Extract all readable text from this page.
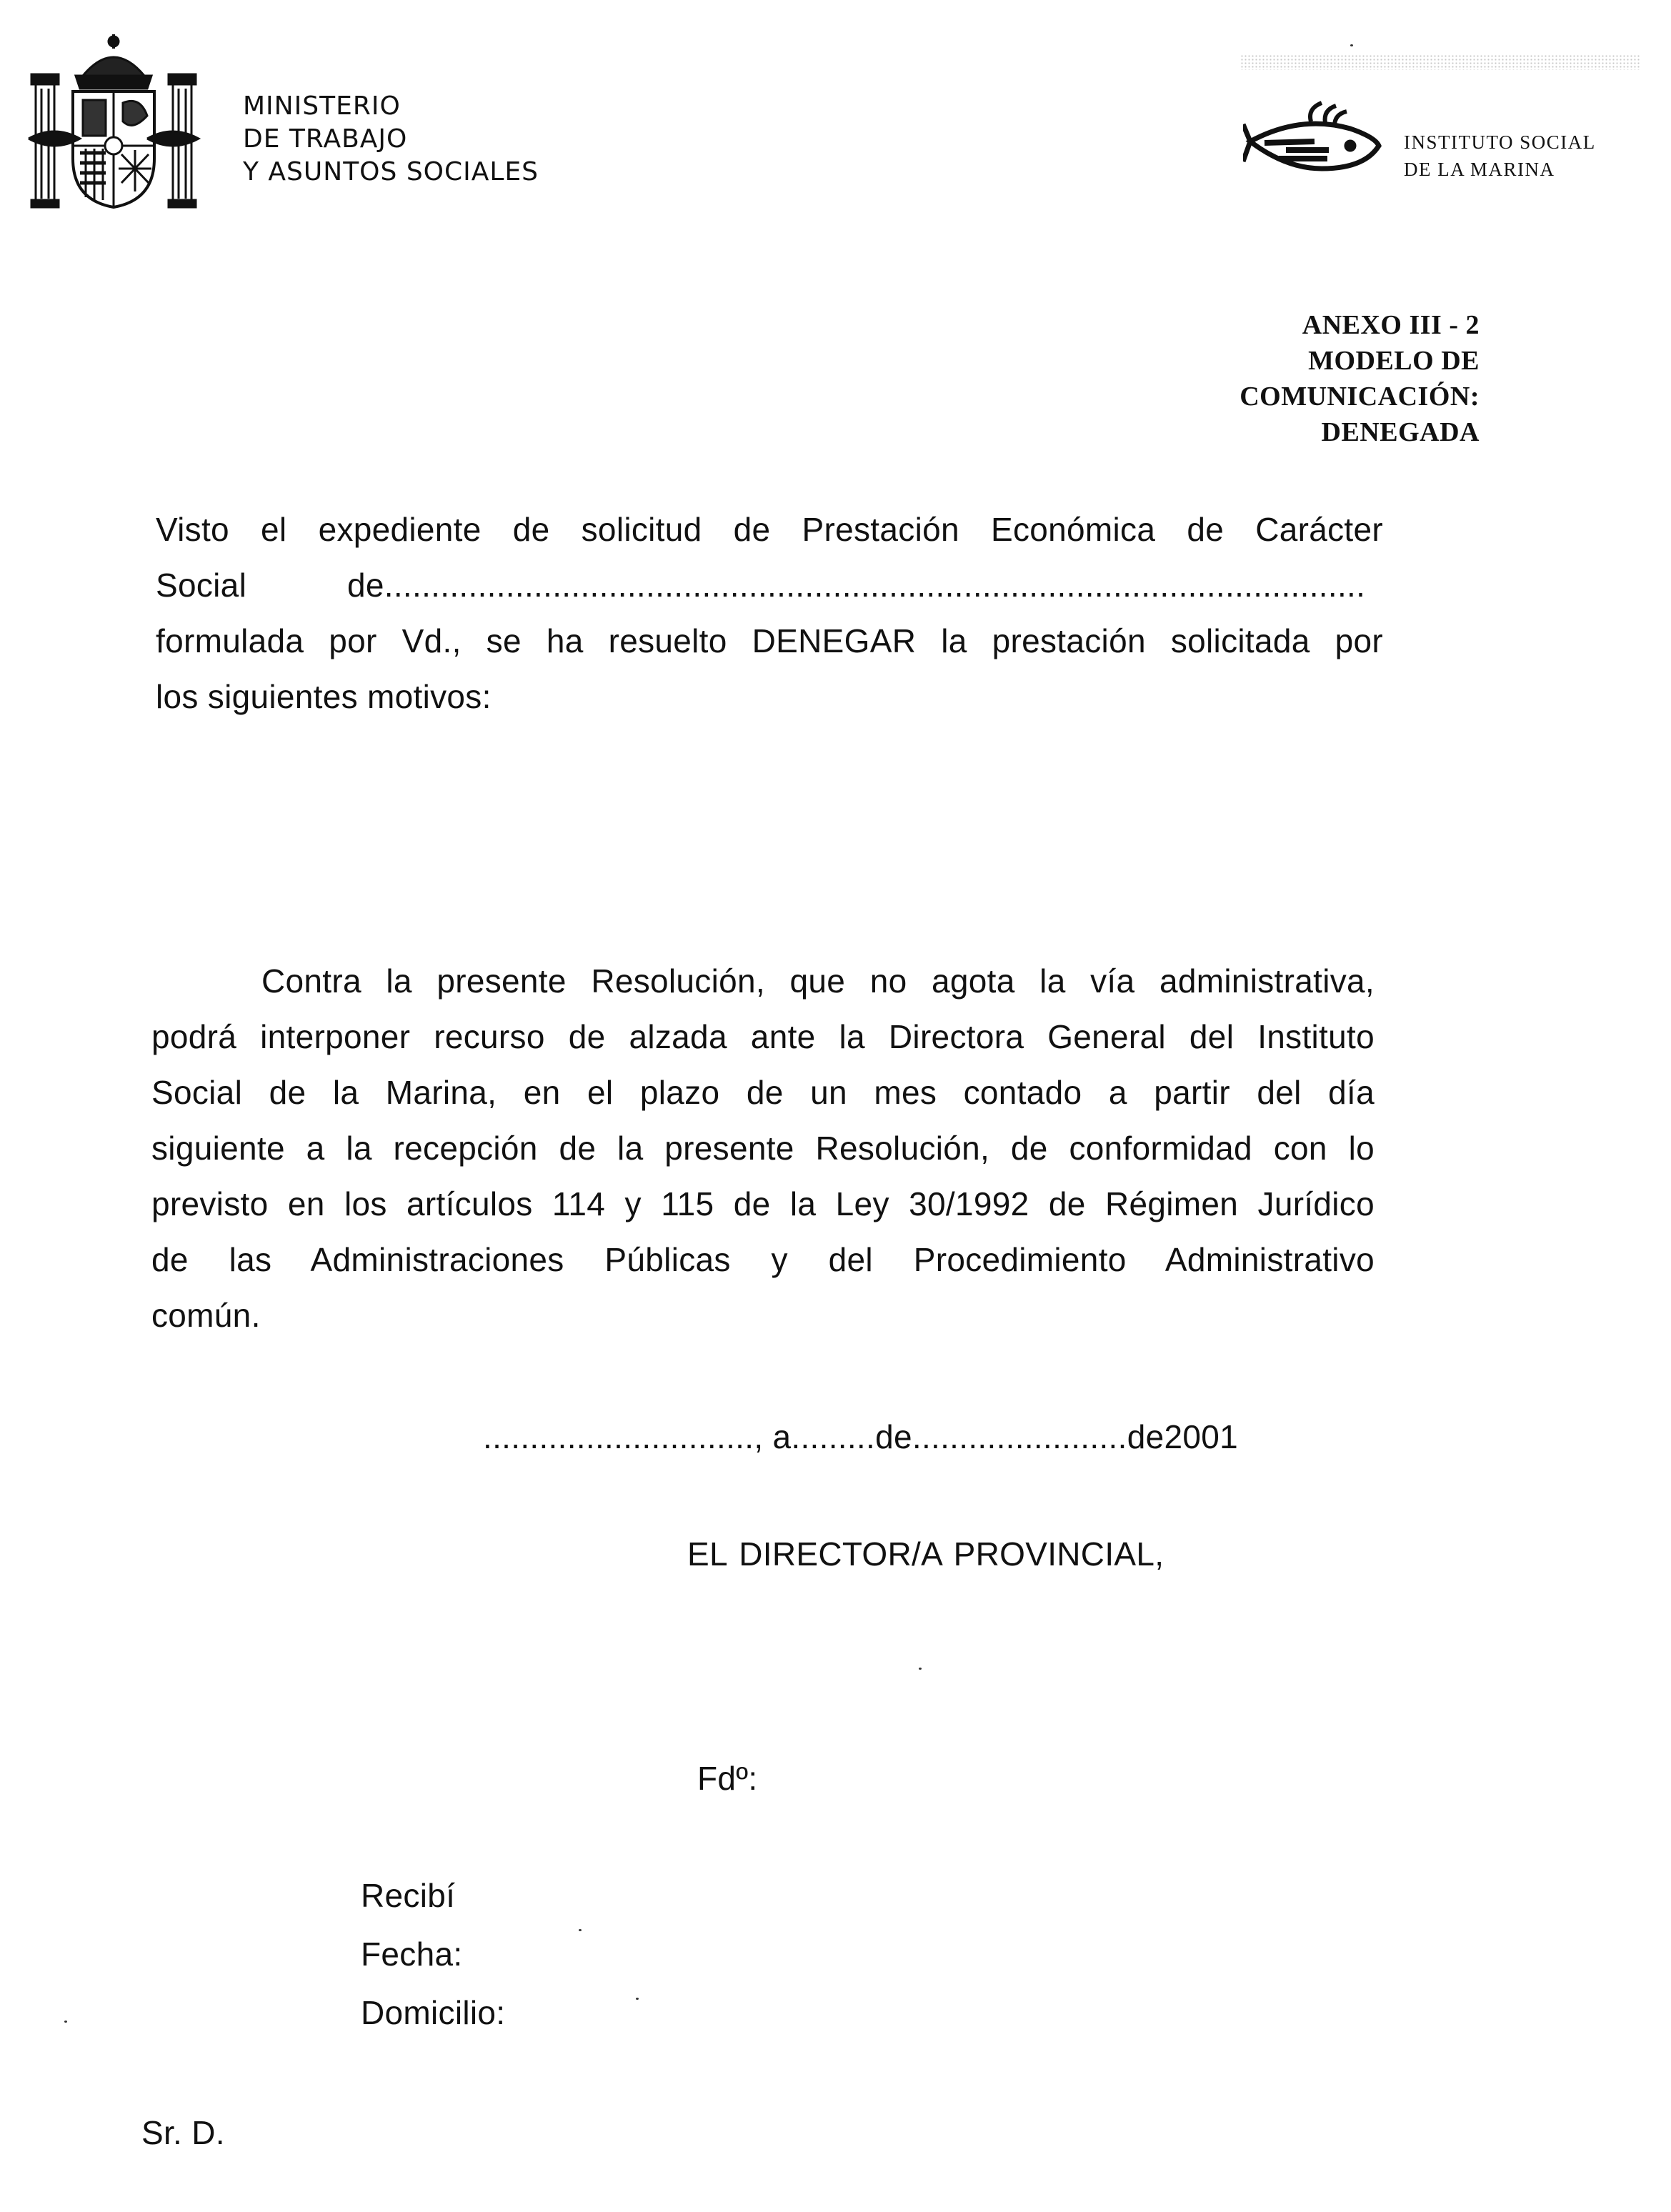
MINISTERIO
DE TRABAJO
Y ASUNTOS SOCIALES
INSTITUTO SOCIAL
DE LA MARINA
ANEXO III - 2
MODELO DE
COMUNICACIÓN:
DENEGADA
Visto el expediente de solicitud de Prestación Económica de Carácter
Social	de.........................................................................................................
formulada por Vd., se ha resuelto DENEGAR la prestación solicitada por
los siguientes motivos:
Contra la presente Resolución, que no agota la vía administrativa,
podrá interponer recurso de alzada ante la Directora General del Instituto
Social de la Marina, en el plazo de un mes contado a partir del día
siguiente a la recepción de la presente Resolución, de conformidad con lo
previsto en los artículos 114 y 115 de la Ley 30/1992 de Régimen Jurídico
de las Administraciones Públicas y del Procedimiento Administrativo
común.
............................., a.........de.......................de2001
EL DIRECTOR/A PROVINCIAL,
Fdº:
Recibí
Fecha:
Domicilio:
Sr. D.
